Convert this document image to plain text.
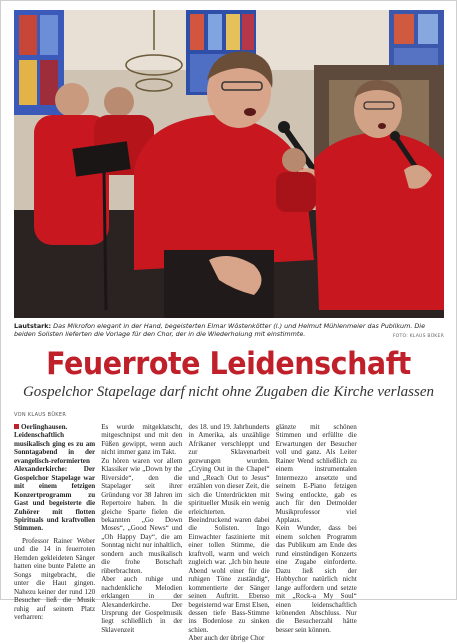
Lautstark: Das Mikrofon elegant in der Hand, begeisterten Elmar Wöstenkötter (l.) und Helmut Mühlenmeier das Publikum. Die beiden Solisten lieferten die Vorlage für den Chor, der in die Wiederholung mit einstimmte.	FOTO: KLAUS BÜKER
Feuerrote Leidenschaft
Gospelchor Stapelage darf nicht ohne Zugaben die Kirche verlassen
VON KLAUS BÜKER
Oerlinghausen. Leidenschaftlich musikalisch ging es zu am Sonntagabend in der evangelisch-reformierten Alexanderkirche: Der Gospelchor Stapelage war mit einem fetzigen Konzertprogramm zu Gast und begeisterte die Zuhörer mit flotten Spirituals und kraftvollen Stimmen.
Professor Rainer Weber und die 14 in feuerroten Hemden gekleideten Sänger hatten eine bunte Palette an Songs mitgebracht, die unter die Haut gingen. Nahezu keiner der rund 120 Besucher ließ die Musik ruhig auf seinem Platz verharren:
Es wurde mitgeklatscht, mitgeschnipst und mit den Füßen gewippt, wenn auch nicht immer ganz im Takt.
Zu hören waren vor allem Klassiker wie „Down by the Riverside“, den die Stapelager seit ihrer Gründung vor 38 Jahren im Repertoire haben. In die gleiche Sparte fielen die bekannten „Go Down Moses“, „Good News“ und „Oh Happy Day“, die am Sonntag nicht nur inhaltlich, sondern auch musikalisch die frohe Botschaft rüberbrachten.
Aber auch ruhige und nachdenkliche Melodien erklangen in der Alexanderkirche. Der Ursprung der Gospelmusik liegt schließlich in der Sklavenzeit
des 18. und 19. Jahrhunderts in Amerika, als unzählige Afrikaner verschleppt und zur Sklavenarbeit gezwungen wurden. „Crying Out in the Chapel“ und „Reach Out to Jesus“ erzählen von dieser Zeit, die sich die Unterdrückten mit spiritueller Musik ein wenig erleichterten.
Beeindruckend waren dabei die Solisten. Ingo Einwachter faszinierte mit einer tollen Stimme, die kraftvoll, warm und weich zugleich war. „Ich bin heute Abend wohl einer für die ruhigen Töne zuständig“, kommentierte der Sänger seinen Auftritt. Ebenso begeisternd war Ernst Elsen, dessen tiefe Bass-Stimme ins Bodenlose zu sinken schien.
Aber auch der übrige Chor
glänzte mit schönen Stimmen und erfüllte die Erwartungen der Besucher voll und ganz. Als Leiter Rainer Wend schließlich zu einem instrumentalen Intermezzo ansetzte und seinem E-Piano fetzigen Swing entlockte, gab es auch für den Detmolder Musikprofessor viel Applaus.
Kein Wunder, dass bei einem solchen Programm das Publikum am Ende des rund einstündigen Konzerts eine Zugabe einforderte. Dazu ließ sich der Hobbychor natürlich nicht lange auffordern und setzte mit „Rock-a My Soul“ einen leidenschaftlich krönenden Abschluss. Nur die Besucherzahl hätte besser sein können.
